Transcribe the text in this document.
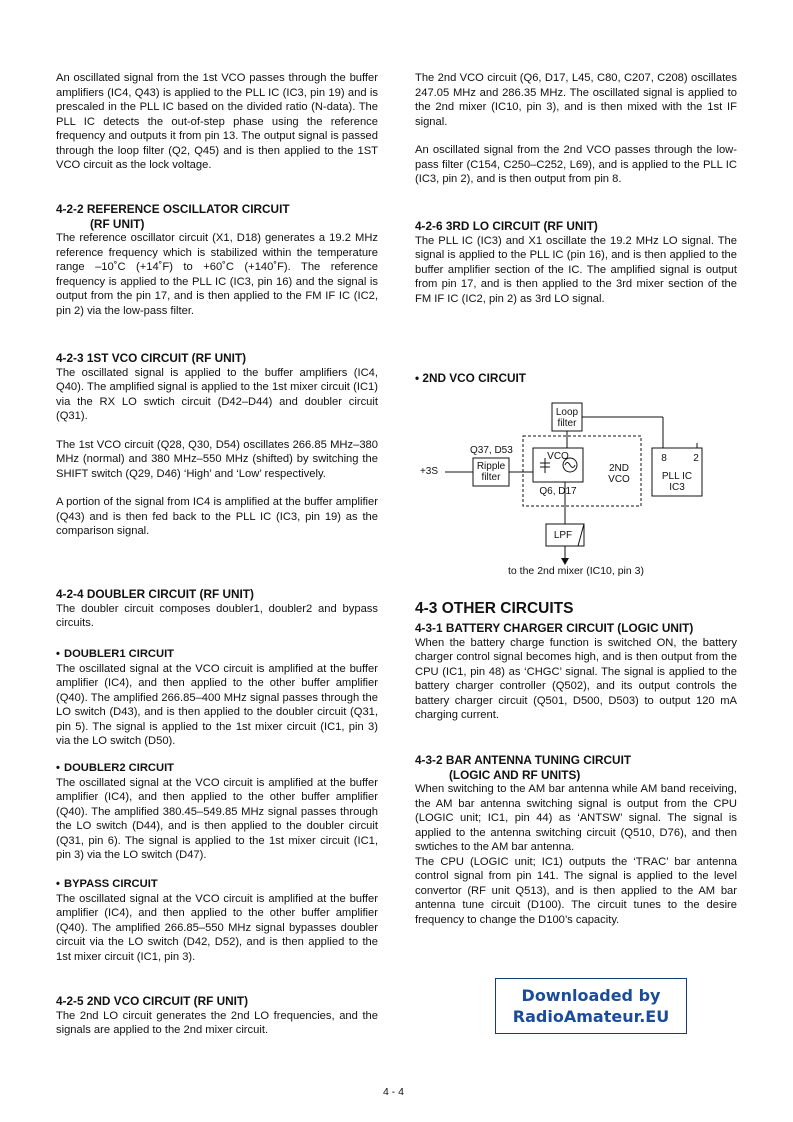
An oscillated signal from the 1st VCO passes through the buffer amplifiers (IC4, Q43) is applied to the PLL IC (IC3, pin 19) and is prescaled in the PLL IC based on the divided ratio (N-data). The PLL IC detects the out-of-step phase using the reference frequency and outputs it from pin 13. The output signal is passed through the loop filter (Q2, Q45) and is then applied to the 1ST VCO circuit as the lock voltage.

4-2-2 REFERENCE OSCILLATOR CIRCUIT
(RF UNIT)

The reference oscillator circuit (X1, D18) generates a 19.2 MHz reference frequency which is stabilized within the temperature range –10˚C (+14˚F) to +60˚C (+140˚F). The reference frequency is applied to the PLL IC (IC3, pin 16) and the signal is output from the pin 17, and is then applied to the FM IF IC (IC2, pin 2) via the low-pass filter.

4-2-3 1ST VCO CIRCUIT (RF UNIT)

The oscillated signal is applied to the buffer amplifiers (IC4, Q40). The amplified signal is applied to the 1st mixer circuit (IC1) via the RX LO swtich circuit (D42–D44) and doubler circuit (Q31).

The 1st VCO circuit (Q28, Q30, D54) oscillates 266.85 MHz–380 MHz (normal) and 380 MHz–550 MHz (shifted) by switching the SHIFT switch (Q29, D46) ‘High’ and ‘Low’ respectively.

A portion of the signal from IC4 is amplified at the buffer amplifier (Q43) and is then fed back to the PLL IC (IC3, pin 19) as the comparison signal.

4-2-4 DOUBLER CIRCUIT (RF UNIT)

The doubler circuit composes doubler1, doubler2 and bypass circuits.

• DOUBLER1 CIRCUIT

The oscillated signal at the VCO circuit is amplified at the buffer amplifier (IC4), and then applied to the other buffer amplifier (Q40). The amplified 266.85–400 MHz signal passes through the LO switch (D43), and is then applied to the doubler circuit (Q31, pin 5). The signal is applied to the 1st mixer circuit (IC1, pin 3) via the LO switch (D50).

• DOUBLER2 CIRCUIT

The oscillated signal at the VCO circuit is amplified at the buffer amplifier (IC4), and then applied to the other buffer amplifier (Q40). The amplified 380.45–549.85 MHz signal passes through the LO switch (D44), and is then applied to the doubler circuit (Q31, pin 6). The signal is applied to the 1st mixer circuit (IC1, pin 3) via the LO switch (D47).

• BYPASS CIRCUIT

The oscillated signal at the VCO circuit is amplified at the buffer amplifier (IC4), and then applied to the other buffer amplifier (Q40). The amplified 266.85–550 MHz signal bypasses doubler circuit via the LO switch (D42, D52), and is then applied to the 1st mixer circuit (IC1, pin 3).

4-2-5 2ND VCO CIRCUIT (RF UNIT)

The 2nd LO circuit generates the 2nd LO frequencies, and the signals are applied to the 2nd mixer circuit.

The 2nd VCO circuit (Q6, D17, L45, C80, C207, C208) oscillates 247.05 MHz and 286.35 MHz. The oscillated signal is applied to the 2nd mixer (IC10, pin 3), and is then mixed with the 1st IF signal.

An oscillated signal from the 2nd VCO passes through the low-pass filter (C154, C250–C252, L69), and is applied to the PLL IC (IC3, pin 2), and is then output from pin 8.

4-2-6 3RD LO CIRCUIT (RF UNIT)

The PLL IC (IC3) and X1 oscillate the 19.2 MHz LO signal. The signal is applied to the PLL IC (pin 16), and is then applied to the buffer amplifier section of the IC. The amplified signal is output from pin 17, and is then applied to the 3rd mixer section of the FM IF IC (IC2, pin 2) as 3rd LO signal.

4-3 OTHER CIRCUITS

4-3-1 BATTERY CHARGER CIRCUIT (LOGIC UNIT)

When the battery charge function is switched ON, the battery charger control signal becomes high, and is then output from the CPU (IC1, pin 48) as ‘CHGC’ signal. The signal is applied to the battery charger controller (Q502), and its output controls the battery charger circuit (Q501, D500, D503) to output 120 mA charging current.

4-3-2 BAR ANTENNA TUNING CIRCUIT
(LOGIC AND RF UNITS)

When switching to the AM bar antenna while AM band receiving, the AM bar antenna switching signal is output from the CPU (LOGIC unit; IC1, pin 44) as ‘ANTSW’ signal. The signal is applied to the antenna switching circuit (Q510, D76), and then swtiches to the AM bar antenna.

The CPU (LOGIC unit; IC1) outputs the ‘TRAC’ bar antenna control signal from pin 141. The signal is applied to the level convertor (RF unit Q513), and is then applied to the AM bar antenna tune circuit (D100). The circuit tunes to the desire frequency to change the D100’s capacity.

• 2ND VCO CIRCUIT
Loop
filter
Q37, D53
Ripple
filter
+3S
VCO
Q6, D17
2ND
VCO
8	2
PLL IC
IC3
LPF
to the 2nd mixer (IC10, pin 3)
Downloaded by
RadioAmateur.EU
4 - 4
